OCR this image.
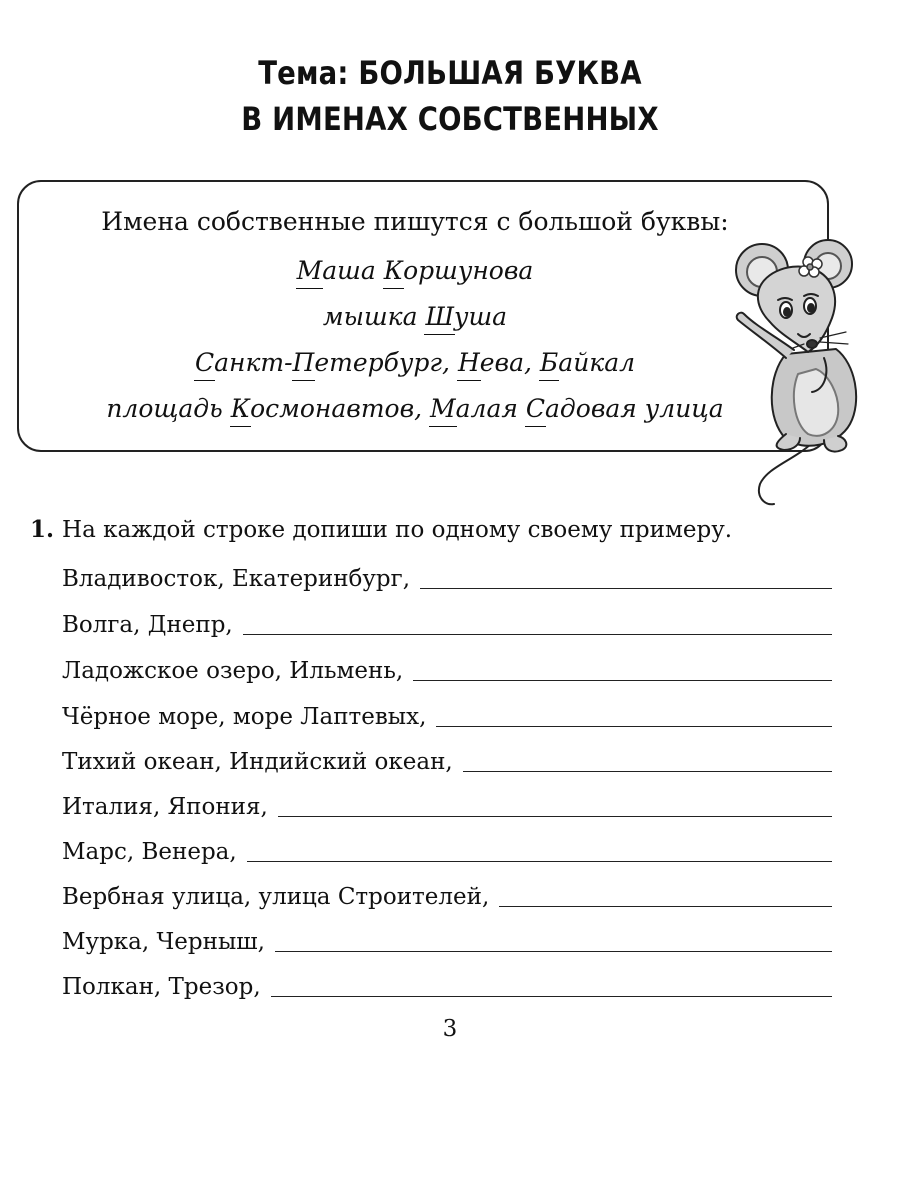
Тема: БОЛЬШАЯ БУКВА
В ИМЕНАХ СОБСТВЕННЫХ
Имена собственные пишутся с большой буквы:
Маша Коршунова
мышка Шуша
Санкт-Петербург, Нева, Байкал
площадь Космонавтов, Малая Садовая улица
1. На каждой строке допиши по одному своему примеру.
Владивосток, Екатеринбург,
Волга, Днепр,
Ладожское озеро, Ильмень,
Чёрное море, море Лаптевых,
Тихий океан, Индийский океан,
Италия, Япония,
Марс, Венера,
Вербная улица, улица Строителей,
Мурка, Черныш,
Полкан, Трезор,
3
